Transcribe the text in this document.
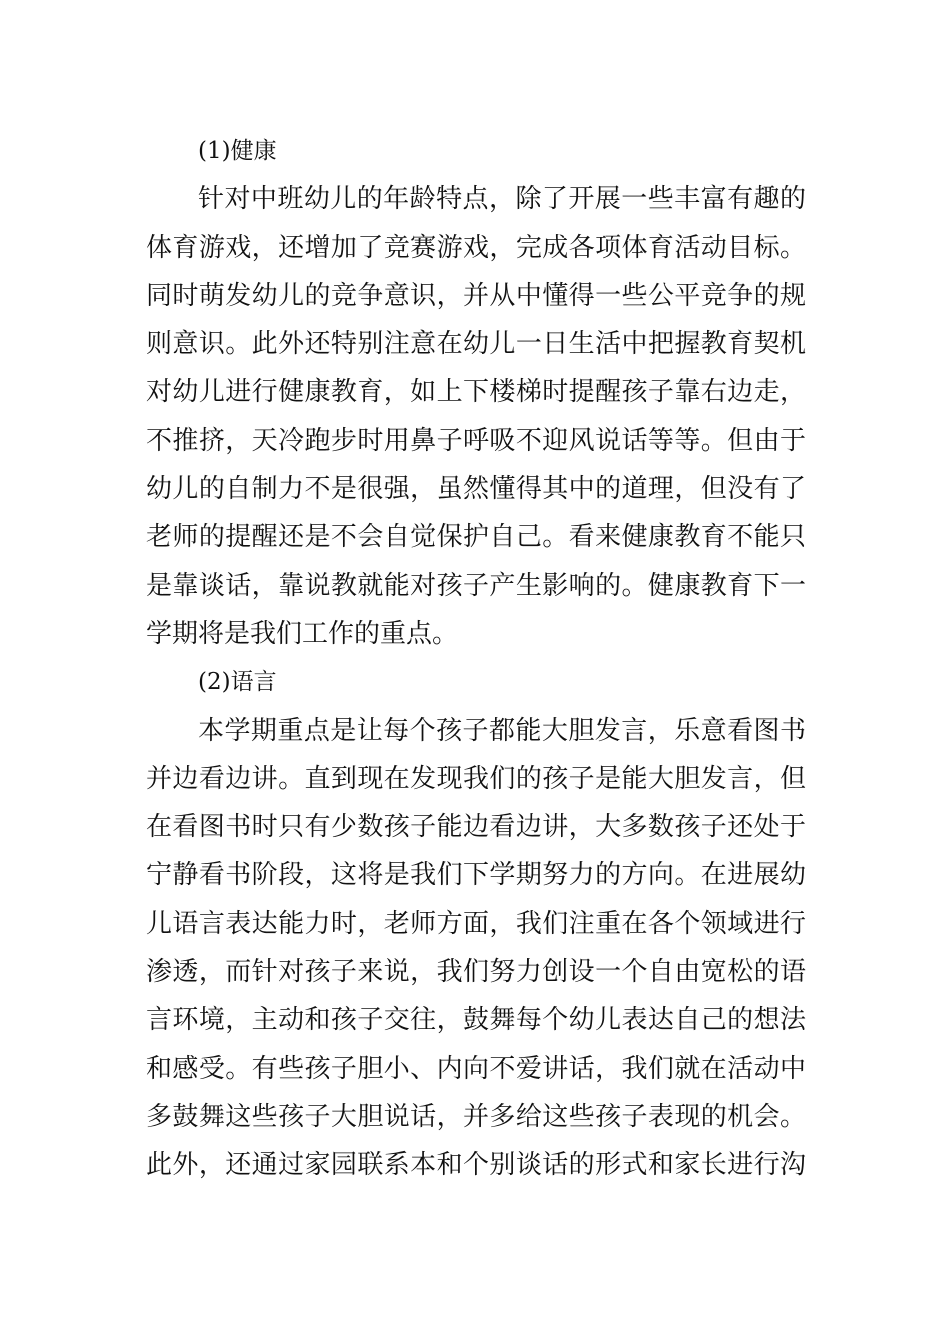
(1)健康
针对中班幼儿的年龄特点，除了开展一些丰富有趣的
体育游戏，还增加了竞赛游戏，完成各项体育活动目标。
同时萌发幼儿的竞争意识，并从中懂得一些公平竞争的规
则意识。此外还特别注意在幼儿一日生活中把握教育契机
对幼儿进行健康教育，如上下楼梯时提醒孩子靠右边走，
不推挤，天冷跑步时用鼻子呼吸不迎风说话等等。但由于
幼儿的自制力不是很强，虽然懂得其中的道理，但没有了
老师的提醒还是不会自觉保护自己。看来健康教育不能只
是靠谈话，靠说教就能对孩子产生影响的。健康教育下一
学期将是我们工作的重点。
(2)语言
本学期重点是让每个孩子都能大胆发言，乐意看图书
并边看边讲。直到现在发现我们的孩子是能大胆发言，但
在看图书时只有少数孩子能边看边讲，大多数孩子还处于
宁静看书阶段，这将是我们下学期努力的方向。在进展幼
儿语言表达能力时，老师方面，我们注重在各个领域进行
渗透，而针对孩子来说，我们努力创设一个自由宽松的语
言环境，主动和孩子交往，鼓舞每个幼儿表达自己的想法
和感受。有些孩子胆小、内向不爱讲话，我们就在活动中
多鼓舞这些孩子大胆说话，并多给这些孩子表现的机会。
此外，还通过家园联系本和个别谈话的形式和家长进行沟
